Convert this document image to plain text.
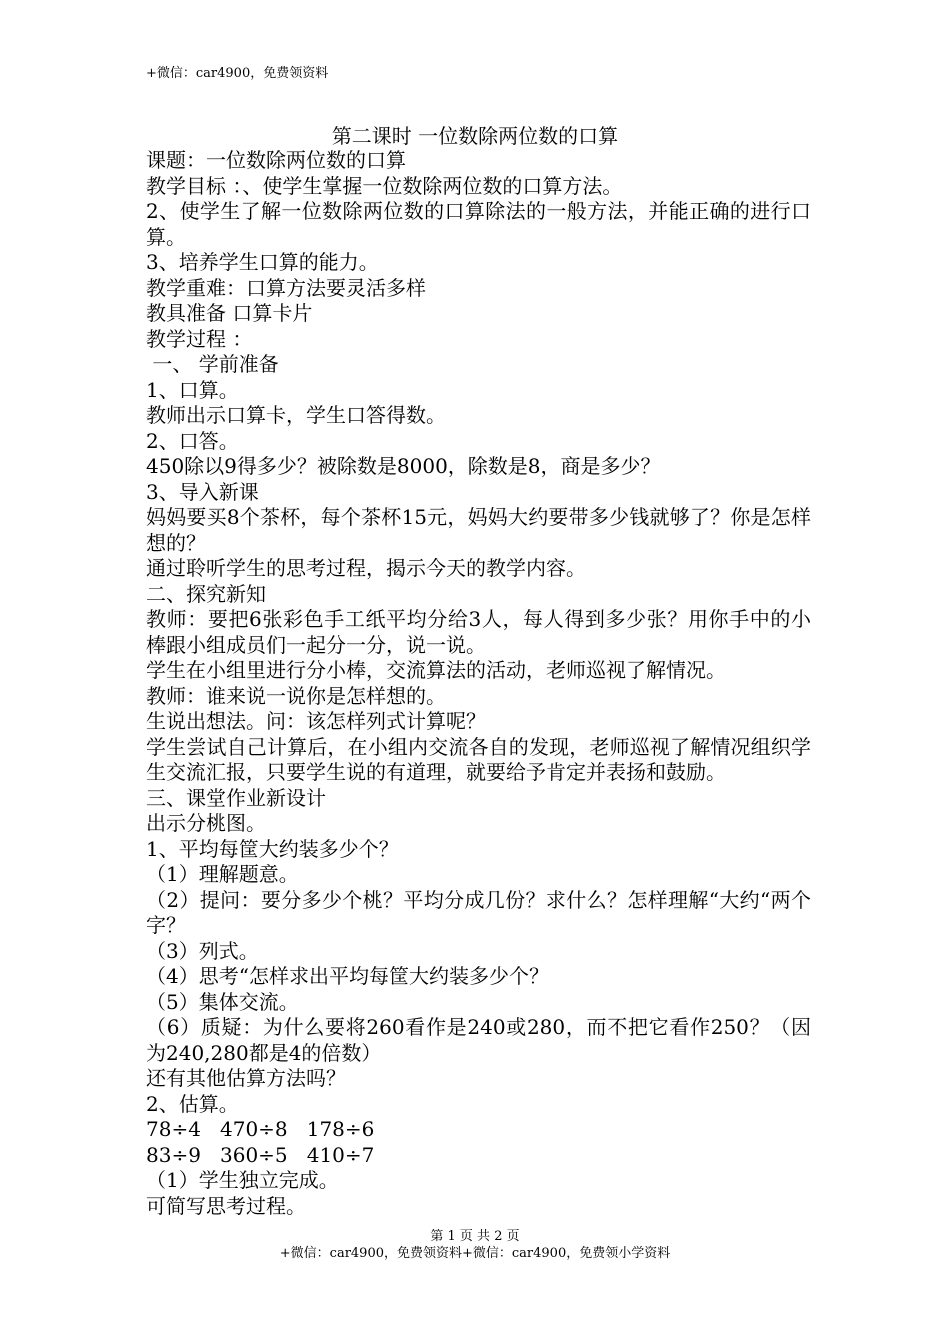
+微信：car4900，免费领资料
第二课时 一位数除两位数的口算

课题：一位数除两位数的口算

教学目标 ：、使学生掌握一位数除两位数的口算方法。

2、使学生了解一位数除两位数的口算除法的一般方法，并能正确的进行口算。

3、培养学生口算的能力。

教学重难：口算方法要灵活多样

教具准备 口算卡片

教学过程 ：

一、 学前准备

1、口算。

教师出示口算卡，学生口答得数。

2、口答。

450除以9得多少？被除数是8000，除数是8，商是多少？

3、导入新课

妈妈要买8个茶杯，每个茶杯15元，妈妈大约要带多少钱就够了？你是怎样想的？

通过聆听学生的思考过程，揭示今天的教学内容。

二、探究新知

教师：要把6张彩色手工纸平均分给3人，每人得到多少张？用你手中的小棒跟小组成员们一起分一分，说一说。

学生在小组里进行分小棒，交流算法的活动，老师巡视了解情况。

教师：谁来说一说你是怎样想的。

生说出想法。问：该怎样列式计算呢？

学生尝试自己计算后，在小组内交流各自的发现，老师巡视了解情况组织学生交流汇报，只要学生说的有道理，就要给予肯定并表扬和鼓励。

三、课堂作业新设计

出示分桃图。

1、平均每筐大约装多少个？

（1）理解题意。

（2）提问：要分多少个桃？平均分成几份？求什么？怎样理解“大约“两个字？

（3）列式。

（4）思考“怎样求出平均每筐大约装多少个？

（5）集体交流。

（6）质疑：为什么要将260看作是240或280，而不把它看作250？（因为240,280都是4的倍数）

还有其他估算方法吗？

2、估算。

78÷4   470÷8   178÷6

83÷9   360÷5   410÷7

（1）学生独立完成。

可简写思考过程。

第 1 页 共 2 页
+微信：car4900，免费领资料+微信：car4900，免费领小学资料
